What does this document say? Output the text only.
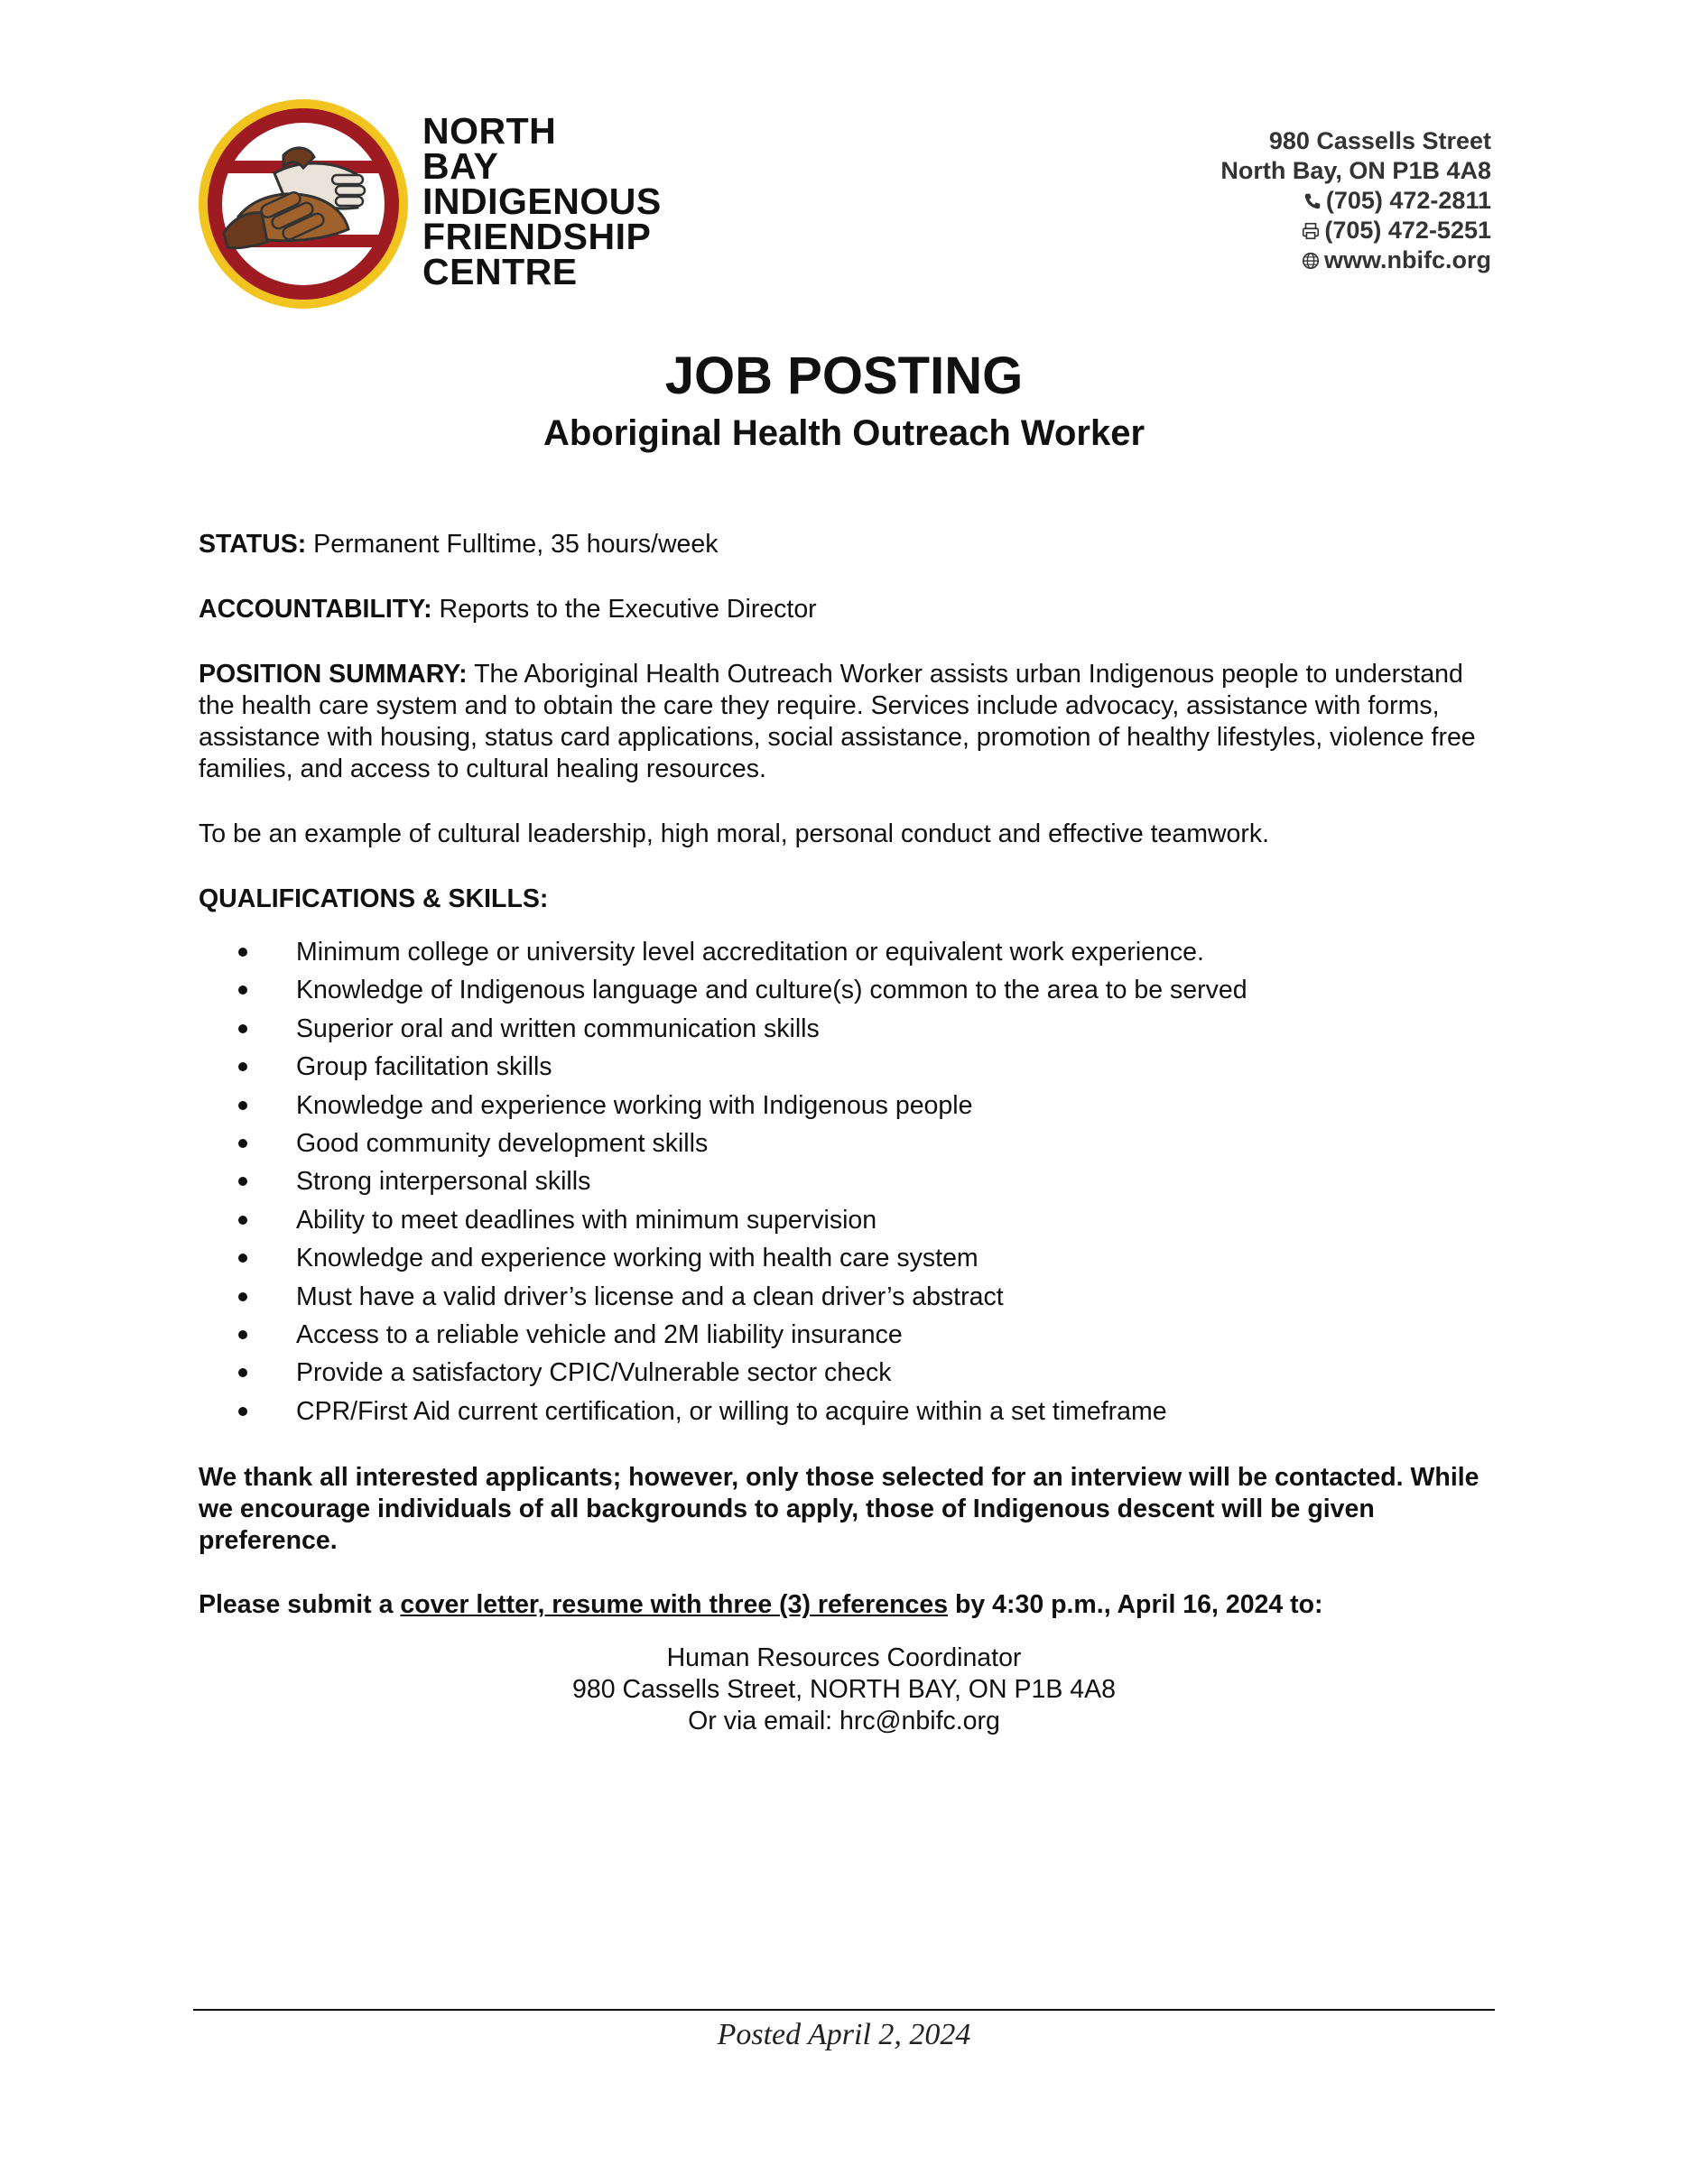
NORTH
BAY
INDIGENOUS
FRIENDSHIP
CENTRE
980 Cassells Street
North Bay, ON P1B 4A8
(705) 472-2811
(705) 472-5251
www.nbifc.org
JOB POSTING
Aboriginal Health Outreach Worker

STATUS: Permanent Fulltime, 35 hours/week

ACCOUNTABILITY: Reports to the Executive Director

POSITION SUMMARY: The Aboriginal Health Outreach Worker assists urban Indigenous people to understand the health care system and to obtain the care they require. Services include advocacy, assistance with forms, assistance with housing, status card applications, social assistance, promotion of healthy lifestyles, violence free families, and access to cultural healing resources.

To be an example of cultural leadership, high moral, personal conduct and effective teamwork.

QUALIFICATIONS & SKILLS:

Minimum college or university level accreditation or equivalent work experience.
Knowledge of Indigenous language and culture(s) common to the area to be served
Superior oral and written communication skills
Group facilitation skills
Knowledge and experience working with Indigenous people
Good community development skills
Strong interpersonal skills
Ability to meet deadlines with minimum supervision
Knowledge and experience working with health care system
Must have a valid driver’s license and a clean driver’s abstract
Access to a reliable vehicle and 2M liability insurance
Provide a satisfactory CPIC/Vulnerable sector check
CPR/First Aid current certification, or willing to acquire within a set timeframe

We thank all interested applicants; however, only those selected for an interview will be contacted. While we encourage individuals of all backgrounds to apply, those of Indigenous descent will be given preference.

Please submit a cover letter, resume with three (3) references by 4:30 p.m., April 16, 2024 to:

Human Resources Coordinator
980 Cassells Street, NORTH BAY, ON P1B 4A8
Or via email: hrc@nbifc.org
Posted April 2, 2024
